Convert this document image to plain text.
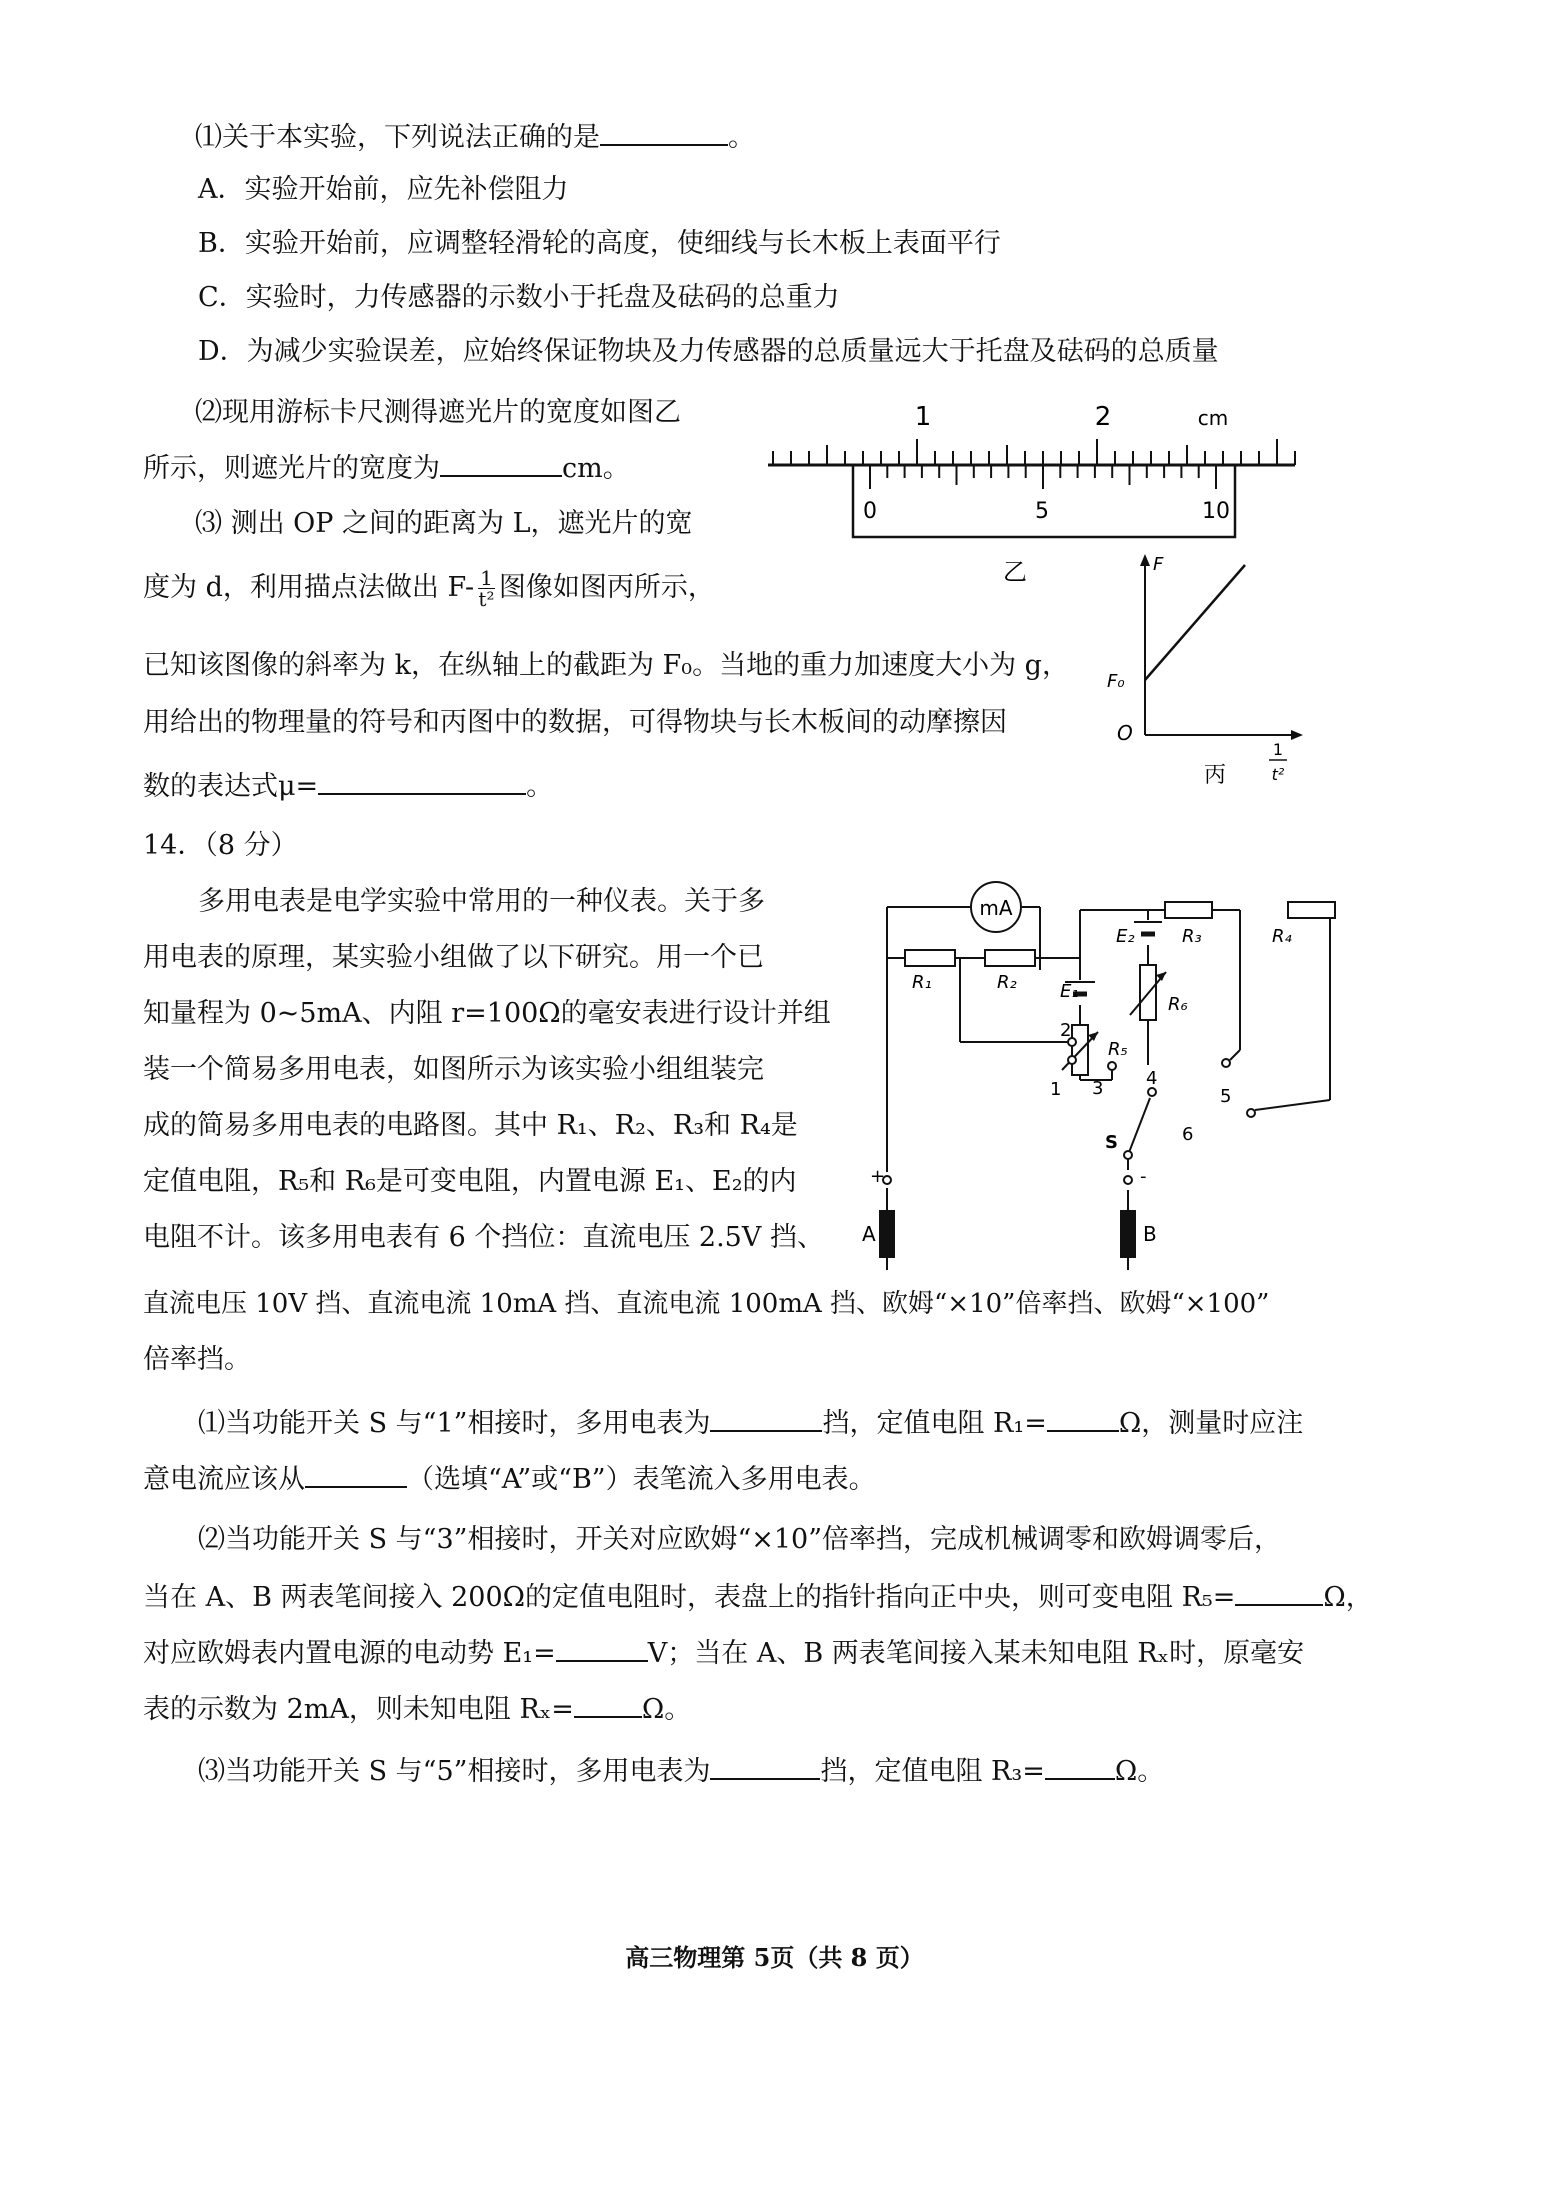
⑴关于本实验，下列说法正确的是	。
A．实验开始前，应先补偿阻力
B．实验开始前，应调整轻滑轮的高度，使细线与长木板上表面平行
C．实验时，力传感器的示数小于托盘及砝码的总重力
D．为减少实验误差，应始终保证物块及力传感器的总质量远大于托盘及砝码的总质量
⑵现用游标卡尺测得遮光片的宽度如图乙
所示，则遮光片的宽度为	cm。
⑶ 测出 OP 之间的距离为 L，遮光片的宽
度为 d，利用描点法做出 $F- \frac{1}{\text{t²}}$ 图像如图丙所示，
已知该图像的斜率为 k，在纵轴上的截距为 F₀。当地的重力加速度大小为 g，
用给出的物理量的符号和丙图中的数据，可得物块与长木板间的动摩擦因
数的表达式μ=	。
1	2	cm
0	5	10
乙	F
F₀
O
1
t²
丙
14．（8 分）
多用电表是电学实验中常用的一种仪表。关于多
用电表的原理，某实验小组做了以下研究。用一个已
知量程为 0~5mA、内阻 r=100Ω的毫安表进行设计并组
装一个简易多用电表，如图所示为该实验小组组装完
成的简易多用电表的电路图。其中 R₁、R₂、R₃和 R₄是
定值电阻，R₅和 R₆是可变电阻，内置电源 E₁、E₂的内
电阻不计。该多用电表有 6 个挡位：直流电压 2.5V 挡、
直流电压 10V 挡、直流电流 10mA 挡、直流电流 100mA 挡、欧姆“×10”倍率挡、欧姆“×100”
倍率挡。
⑴当功能开关 S 与“1”相接时，多用电表为	挡，定值电阻 R₁=	Ω，测量时应注
意电流应该从	（选填“A”或“B”）表笔流入多用电表。
⑵当功能开关 S 与“3”相接时，开关对应欧姆“×10”倍率挡，完成机械调零和欧姆调零后，
当在 A、B 两表笔间接入 200Ω的定值电阻时，表盘上的指针指向正中央，则可变电阻 R₅=	Ω，
对应欧姆表内置电源的电动势 E₁=	V；当在 A、B 两表笔间接入某未知电阻 Rₓ时，原毫安
表的示数为 2mA，则未知电阻 Rₓ=	Ω。
⑶当功能开关 S 与“5”相接时，多用电表为	挡，定值电阻 R₃=	Ω。
mA
R₁	R₂
R₃	R₄
E₂
E₁
R₅
R₆
1
2
3 4
5
6
S
+	-
A	B
高三物理第 5页（共 8 页）
